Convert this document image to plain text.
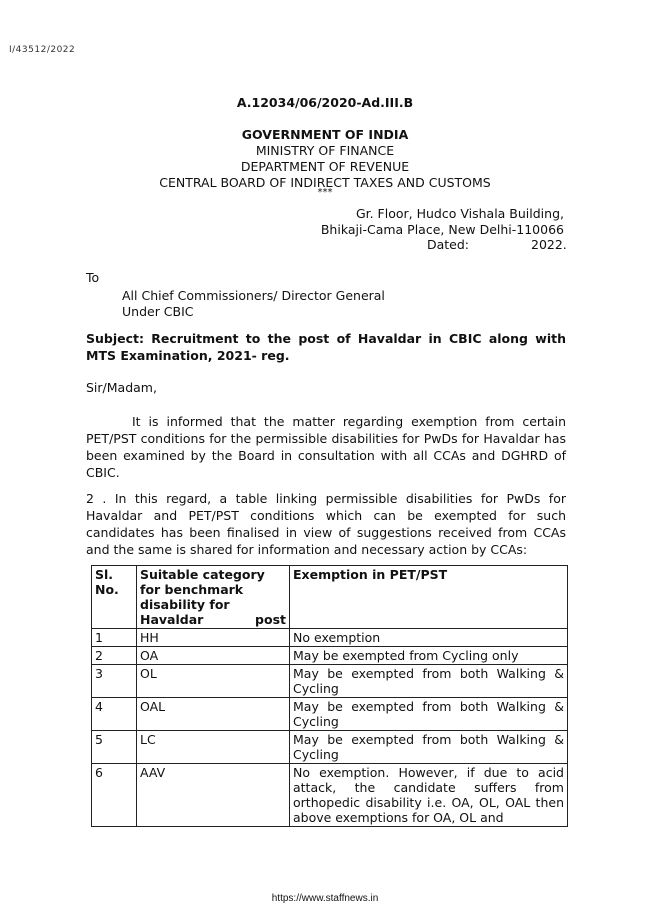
I/43512/2022
A.12034/06/2020-Ad.III.B
GOVERNMENT OF INDIA
MINISTRY OF FINANCE
DEPARTMENT OF REVENUE
CENTRAL BOARD OF INDIRECT TAXES AND CUSTOMS
***
Gr. Floor, Hudco Vishala Building,
Bhikaji-Cama Place, New Delhi-110066
Dated:	2022.
To
All Chief Commissioners/ Director General
Under CBIC
Subject: Recruitment to the post of Havaldar in CBIC along with MTS Examination, 2021- reg.
Sir/Madam,
It is informed that the matter regarding exemption from certain PET/PST conditions for the permissible disabilities for PwDs for Havaldar has been examined by the Board in consultation with all CCAs and DGHRD of CBIC.
2 . In this regard, a table linking permissible disabilities for PwDs for Havaldar and PET/PST conditions which can be exempted for such candidates has been finalised in view of suggestions received from CCAs and the same is shared for information and necessary action by CCAs:
Sl. No.	Suitable category for benchmark disability for Havaldar post	Exemption in PET/PST
1	HH	No exemption
2	OA	May be exempted from Cycling only
3	OL	May be exempted from both Walking & Cycling
4	OAL	May be exempted from both Walking & Cycling
5	LC	May be exempted from both Walking & Cycling
6	AAV	No exemption. However, if due to acid attack, the candidate suffers from orthopedic disability i.e. OA, OL, OAL then above exemptions for OA, OL and
https://www.staffnews.in
